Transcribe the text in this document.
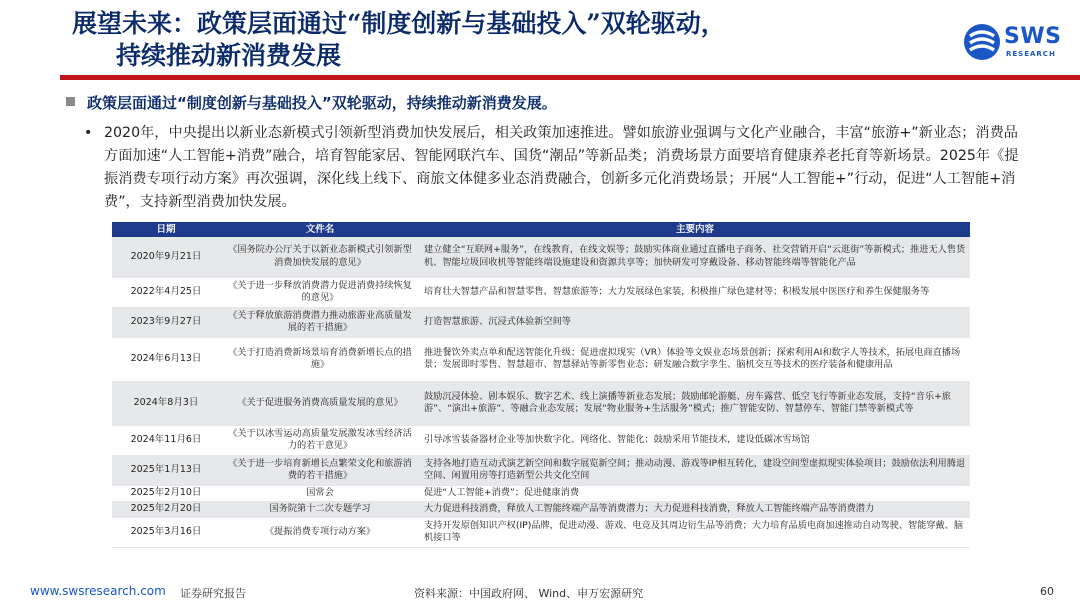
展望未来：政策层面通过“制度创新与基础投入”双轮驱动，
持续推动新消费发展
SWS
RESEARCH
政策层面通过“制度创新与基础投入”双轮驱动，持续推动新消费发展。
• 2020年，中央提出以新业态新模式引领新型消费加快发展后，相关政策加速推进。譬如旅游业强调与文化产业融合，丰富“旅游+”新业态；消费品方面加速“人工智能+消费”融合，培育智能家居、智能网联汽车、国货“潮品”等新品类；消费场景方面要培育健康养老托育等新场景。2025年《提振消费专项行动方案》再次强调，深化线上线下、商旅文体健多业态消费融合，创新多元化消费场景；开展“人工智能+”行动，促进“人工智能+消费”，支持新型消费加快发展。
日期	文件名	主要内容
2020年9月21日	《国务院办公厅关于以新业态新模式引领新型消费加快发展的意见》	建立健全“互联网+服务”，在线教育，在线文娱等；鼓励实体商业通过直播电子商务、社交营销开启“云逛街”等新模式；推进无人售货机、智能垃圾回收机等智能终端设施建设和资源共享等；加快研发可穿戴设备、移动智能终端等智能化产品
2022年4月25日	《关于进一步释放消费潜力促进消费持续恢复的意见》	培育壮大智慧产品和智慧零售、智慧旅游等；大力发展绿色家装，积极推广绿色建材等；积极发展中医医疗和养生保健服务等
2023年9月27日	《关于释放旅游消费潜力推动旅游业高质量发展的若干措施》	打造智慧旅游、沉浸式体验新空间等
2024年6月13日	《关于打造消费新场景培育消费新增长点的措施》	推进餐饮外卖点单和配送智能化升级；促进虚拟现实（VR）体验等文娱业态场景创新；探索利用AI和数字人等技术，拓展电商直播场景；发展即时零售、智慧超市、智慧驿站等新零售业态；研发融合数字孪生、脑机交互等技术的医疗装备和健康用品
2024年8月3日	《关于促进服务消费高质量发展的意见》	鼓励沉浸体验、剧本娱乐、数字艺术、线上演播等新业态发展；鼓励邮轮游艇、房车露营、低空飞行等新业态发展，支持“音乐+旅游”、“演出+旅游”、等融合业态发展；发展“物业服务+生活服务”模式；推广智能安防、智慧停车、智能门禁等新模式等
2024年11月6日	《关于以冰雪运动高质量发展激发冰雪经济活力的若干意见》	引导冰雪装备器材企业等加快数字化、网络化、智能化；鼓励采用节能技术，建设低碳冰雪场馆
2025年1月13日	《关于进一步培育新增长点繁荣文化和旅游消费的若干措施》	支持各地打造互动式演艺新空间和数字展览新空间；推动动漫、游戏等IP相互转化，建设空间型虚拟现实体验项目；鼓励依法利用腾退空间、闲置用房等打造新型公共文化空间
2025年2月10日	国常会	促进“人工智能+消费”；促进健康消费
2025年2月20日	国务院第十二次专题学习	大力促进科技消费，释放人工智能终端产品等消费潜力；大力促进科技消费，释放人工智能终端产品等消费潜力
2025年3月16日	《提振消费专项行动方案》	支持开发原创知识产权(IP)品牌，促进动漫、游戏、电竞及其周边衍生品等消费；大力培育品质电商加速推动自动驾驶、智能穿戴、脑机接口等
www.swsresearch.com 证券研究报告	资料来源：中国政府网、 Wind、申万宏源研究	60
